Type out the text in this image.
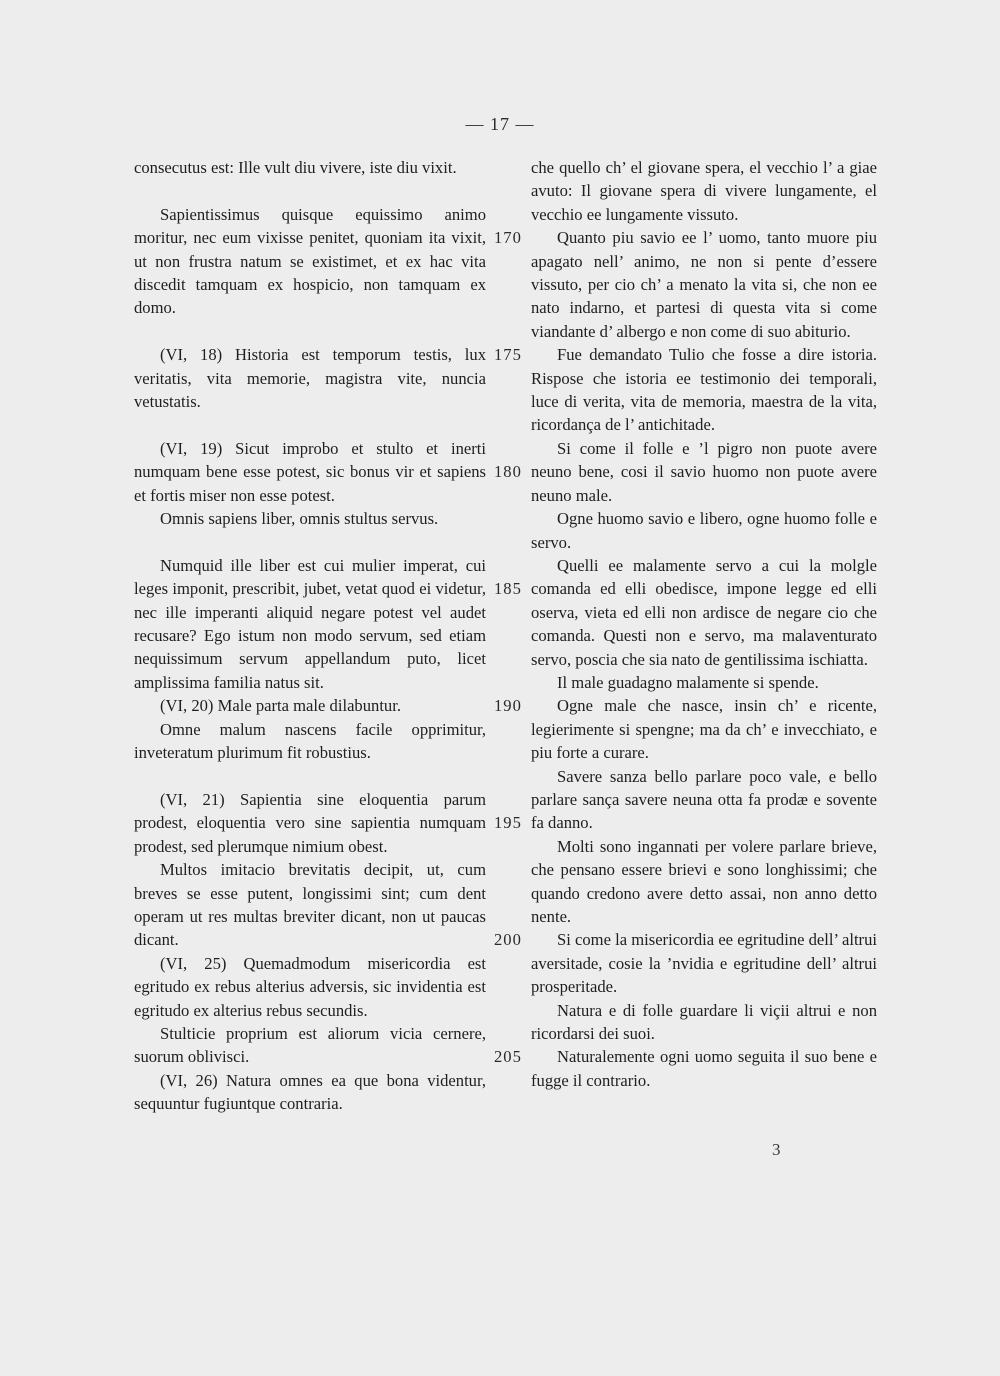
— 17 —

consecutus est: Ille vult diu vivere, iste diu vixit.

Sapientissimus quisque equissimo animo moritur, nec eum vixisse penitet, quoniam ita vixit, ut non frustra natum se existimet, et ex hac vita discedit tamquam ex hospicio, non tamquam ex domo.

(VI, 18) Historia est temporum testis, lux veritatis, vita memorie, magistra vite, nuncia vetustatis.

(VI, 19) Sicut improbo et stulto et inerti numquam bene esse potest, sic bonus vir et sapiens et fortis miser non esse potest.

Omnis sapiens liber, omnis stultus servus.

Numquid ille liber est cui mulier imperat, cui leges imponit, prescribit, jubet, vetat quod ei videtur, nec ille imperanti aliquid negare potest vel audet recusare? Ego istum non modo servum, sed etiam nequissimum servum appellandum puto, licet amplissima familia natus sit.

(VI, 20) Male parta male dilabuntur.

Omne malum nascens facile opprimitur, inveteratum plurimum fit robustius.

(VI, 21) Sapientia sine eloquentia parum prodest, eloquentia vero sine sapientia numquam prodest, sed plerumque nimium obest.

Multos imitacio brevitatis decipit, ut, cum breves se esse putent, longissimi sint; cum dent operam ut res multas breviter dicant, non ut paucas dicant.

(VI, 25) Quemadmodum misericordia est egritudo ex rebus alterius adversis, sic invidentia est egritudo ex alterius rebus secundis.

Stulticie proprium est aliorum vicia cernere, suorum oblivisci.

(VI, 26) Natura omnes ea que bona videntur, sequuntur fugiuntque contraria.

che quello ch’ el giovane spera, el vecchio l’ a giae avuto: Il giovane spera di vivere lungamente, el vecchio ee lungamente vissuto.

Quanto piu savio ee l’ uomo, tanto muore piu apagato nell’ animo, ne non si pente d’essere vissuto, per cio ch’ a menato la vita si, che non ee nato indarno, et partesi di questa vita si come viandante d’ albergo e non come di suo abiturio.

Fue demandato Tulio che fosse a dire istoria. Rispose che istoria ee testimonio dei temporali, luce di verita, vita de memoria, maestra de la vita, ricordança de l’ antichitade.

Si come il folle e ’l pigro non puote avere neuno bene, cosi il savio huomo non puote avere neuno male.

Ogne huomo savio e libero, ogne huomo folle e servo.

Quelli ee malamente servo a cui la molgle comanda ed elli obedisce, impone legge ed elli oserva, vieta ed elli non ardisce de negare cio che comanda. Questi non e servo, ma malaventurato servo, poscia che sia nato de gentilissima ischiatta.

Il male guadagno malamente si spende.

Ogne male che nasce, insin ch’ e ricente, legierimente si spengne; ma da ch’ e invecchiato, e piu forte a curare.

Savere sanza bello parlare poco vale, e bello parlare sança savere neuna otta fa prodæ e sovente fa danno.

Molti sono ingannati per volere parlare brieve, che pensano essere brievi e sono longhissimi; che quando credono avere detto assai, non anno detto nente.

Si come la misericordia ee egritudine dell’ altrui aversitade, cosie la ’nvidia e egritudine dell’ altrui prosperitade.

Natura e di folle guardare li viçii altrui e non ricordarsi dei suoi.

Naturalemente ogni uomo seguita il suo bene e fugge il contrario.

170
175
180
185
190
195
200
205
3
